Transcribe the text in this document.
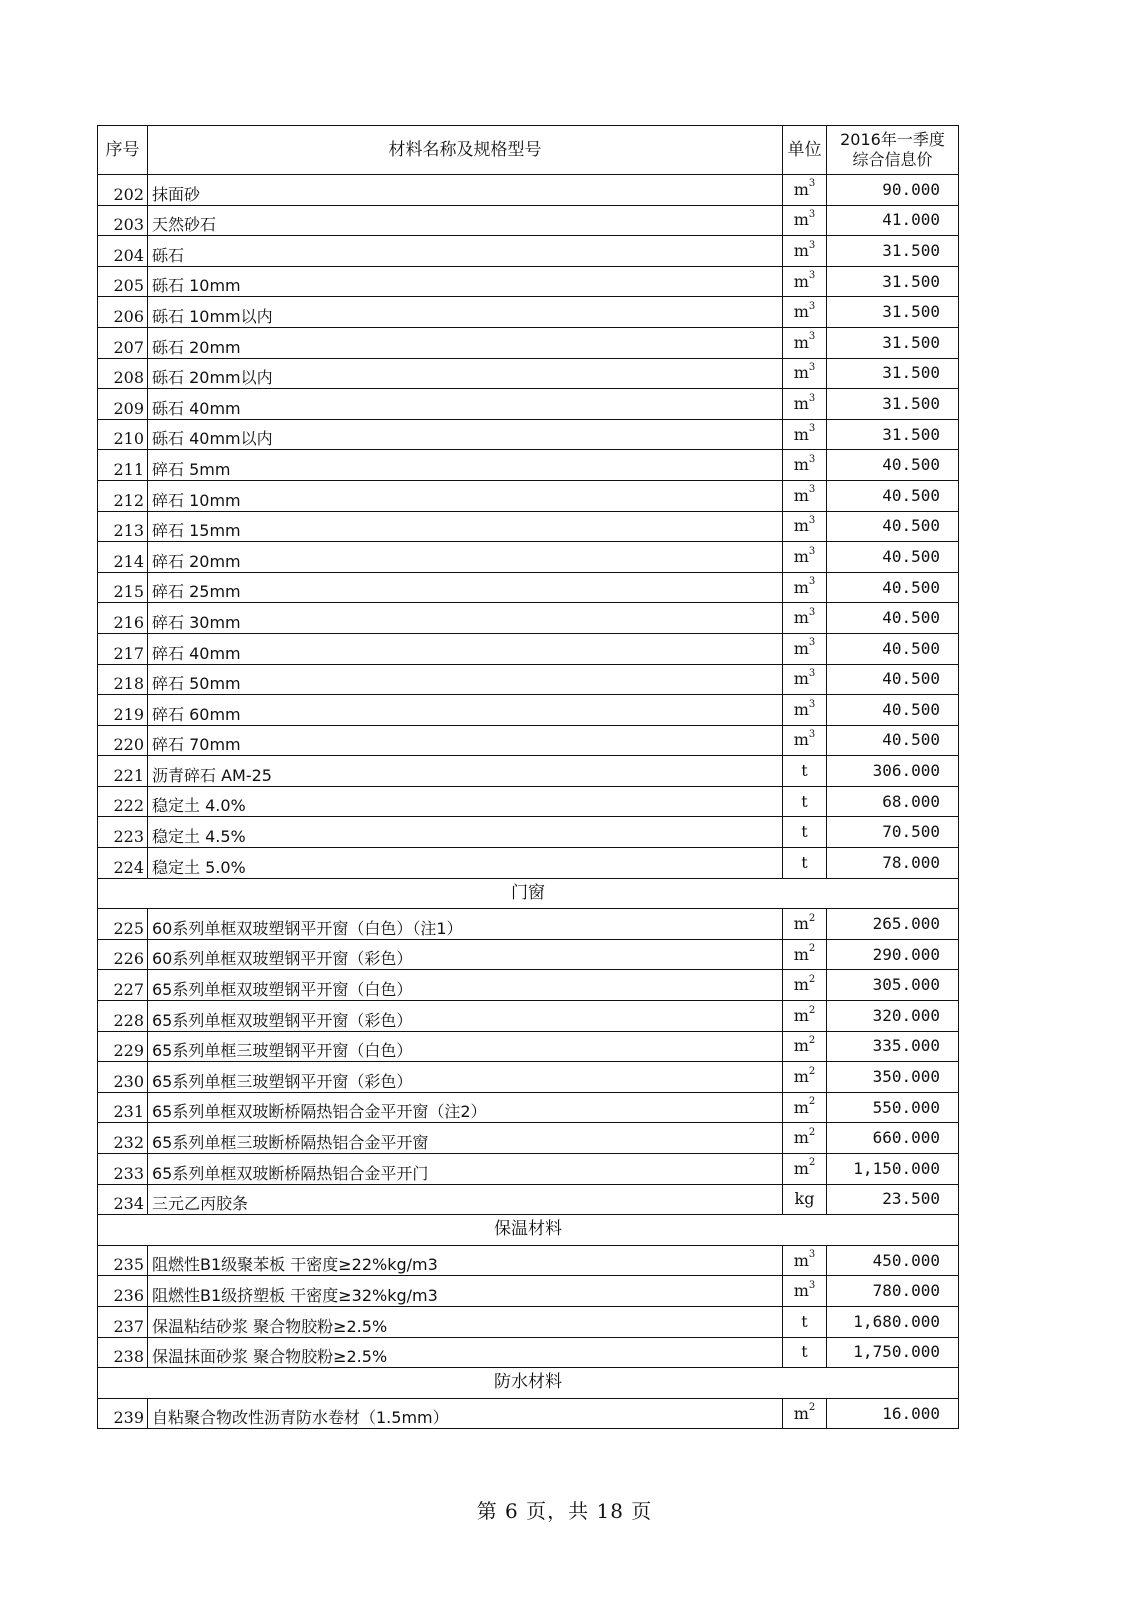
序号	材料名称及规格型号	单位	2016年一季度
综合信息价
202	抹面砂	$m^3$	90.000
203	天然砂石	$m^3$	41.000
204	砾石	$m^3$	31.500
205	砾石 10mm	$m^3$	31.500
206	砾石 10mm以内	$m^3$	31.500
207	砾石 20mm	$m^3$	31.500
208	砾石 20mm以内	$m^3$	31.500
209	砾石 40mm	$m^3$	31.500
210	砾石 40mm以内	$m^3$	31.500
211	碎石 5mm	$m^3$	40.500
212	碎石 10mm	$m^3$	40.500
213	碎石 15mm	$m^3$	40.500
214	碎石 20mm	$m^3$	40.500
215	碎石 25mm	$m^3$	40.500
216	碎石 30mm	$m^3$	40.500
217	碎石 40mm	$m^3$	40.500
218	碎石 50mm	$m^3$	40.500
219	碎石 60mm	$m^3$	40.500
220	碎石 70mm	$m^3$	40.500
221	沥青碎石 AM-25	t	306.000
222	稳定土 4.0%	t	68.000
223	稳定土 4.5%	t	70.500
224	稳定土 5.0%	t	78.000
门窗			
225	60系列单框双玻塑钢平开窗（白色）（注1）	$m^2$	265.000
226	60系列单框双玻塑钢平开窗（彩色）	$m^2$	290.000
227	65系列单框双玻塑钢平开窗（白色）	$m^2$	305.000
228	65系列单框双玻塑钢平开窗（彩色）	$m^2$	320.000
229	65系列单框三玻塑钢平开窗（白色）	$m^2$	335.000
230	65系列单框三玻塑钢平开窗（彩色）	$m^2$	350.000
231	65系列单框双玻断桥隔热铝合金平开窗（注2）	$m^2$	550.000
232	65系列单框三玻断桥隔热铝合金平开窗	$m^2$	660.000
233	65系列单框双玻断桥隔热铝合金平开门	$m^2$	1,150.000
234	三元乙丙胶条	kg	23.500
保温材料			
235	阻燃性B1级聚苯板 干密度≥22%kg/m3	$m^3$	450.000
236	阻燃性B1级挤塑板 干密度≥32%kg/m3	$m^3$	780.000
237	保温粘结砂浆 聚合物胶粉≥2.5%	t	1,680.000
238	保温抹面砂浆 聚合物胶粉≥2.5%	t	1,750.000
防水材料			
239	自粘聚合物改性沥青防水卷材（1.5mm）	$m^2$	16.000
第 6 页，共 18 页
